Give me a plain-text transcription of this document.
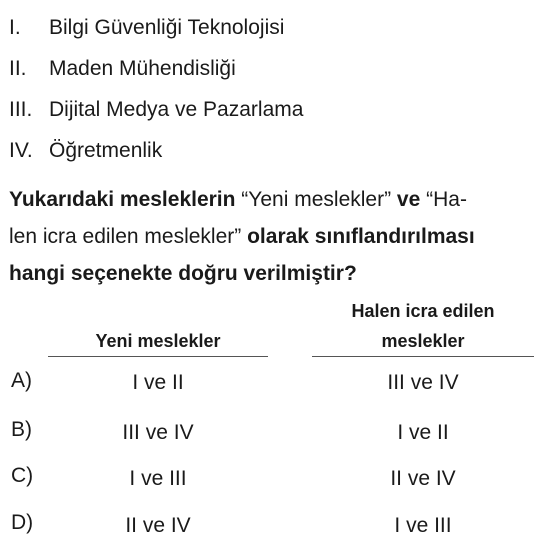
I. Bilgi Güvenliği Teknolojisi
II. Maden Mühendisliği
III. Dijital Medya ve Pazarlama
IV. Öğretmenlik
Yukarıdaki mesleklerin “Yeni meslekler” ve “Ha-
len icra edilen meslekler” olarak sınıflandırılması
hangi seçenekte doğru verilmiştir?
Yeni meslekler
Halen icra edilen
meslekler
A)	I ve II	III ve IV
B)	III ve IV	I ve II
C)	I ve III	II ve IV
D)	II ve IV	I ve III
